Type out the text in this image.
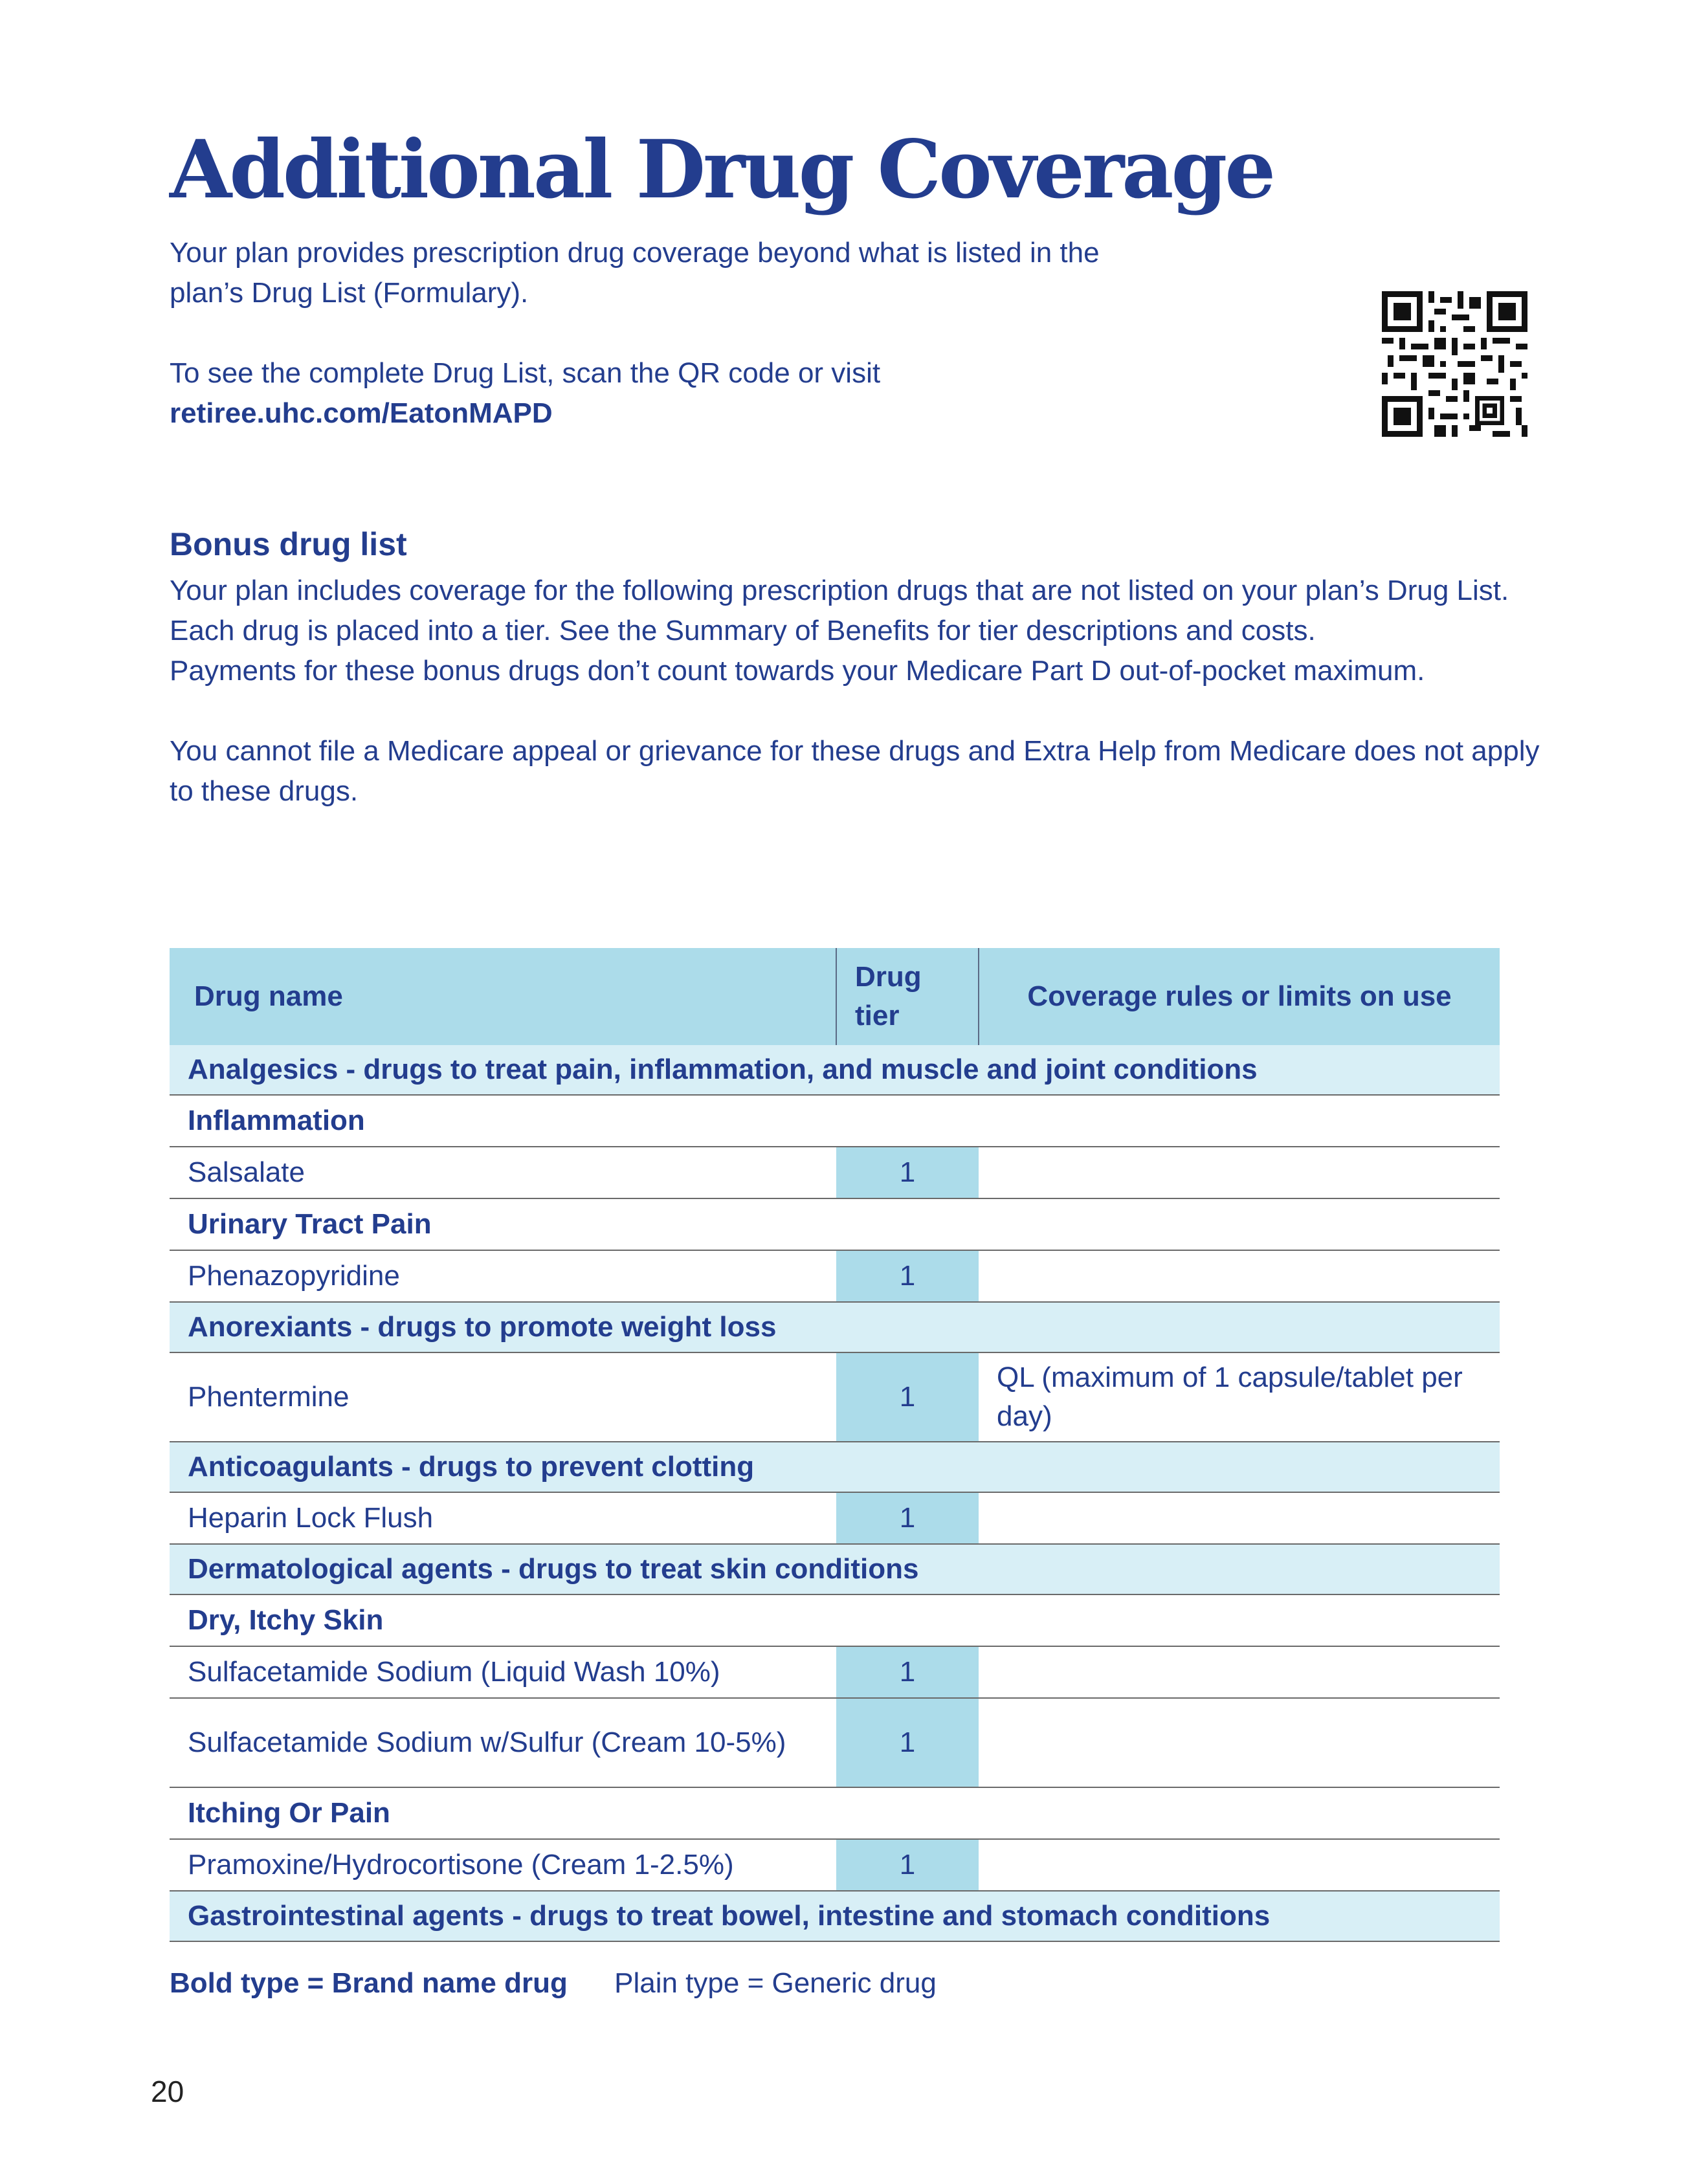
Additional Drug Coverage

Your plan provides prescription drug coverage beyond what is listed in the

plan’s Drug List (Formulary).

To see the complete Drug List, scan the QR code or visit

retiree.uhc.com/EatonMAPD

Bonus drug list

Your plan includes coverage for the following prescription drugs that are not listed on your plan’s Drug List. Each drug is placed into a tier. See the Summary of Benefits for tier descriptions and costs.

Payments for these bonus drugs don’t count towards your Medicare Part D out-of-pocket maximum.

You cannot file a Medicare appeal or grievance for these drugs and Extra Help from Medicare does not apply to these drugs.

Drug name	Drug tier	Coverage rules or limits on use
Analgesics - drugs to treat pain, inflammation, and muscle and joint conditions		
Inflammation		
Salsalate	1	
Urinary Tract Pain		
Phenazopyridine	1	
Anorexiants - drugs to promote weight loss		
Phentermine	1	QL (maximum of 1 capsule/tablet per day)
Anticoagulants - drugs to prevent clotting		
Heparin Lock Flush	1	
Dermatological agents - drugs to treat skin conditions		
Dry, Itchy Skin		
Sulfacetamide Sodium (Liquid Wash 10%)	1	
Sulfacetamide Sodium w/Sulfur (Cream 10-5%)	1	
Itching Or Pain		
Pramoxine/Hydrocortisone (Cream 1-2.5%)	1	
Gastrointestinal agents - drugs to treat bowel, intestine and stomach conditions		
Bold type = Brand name drug Plain type = Generic drug
20
